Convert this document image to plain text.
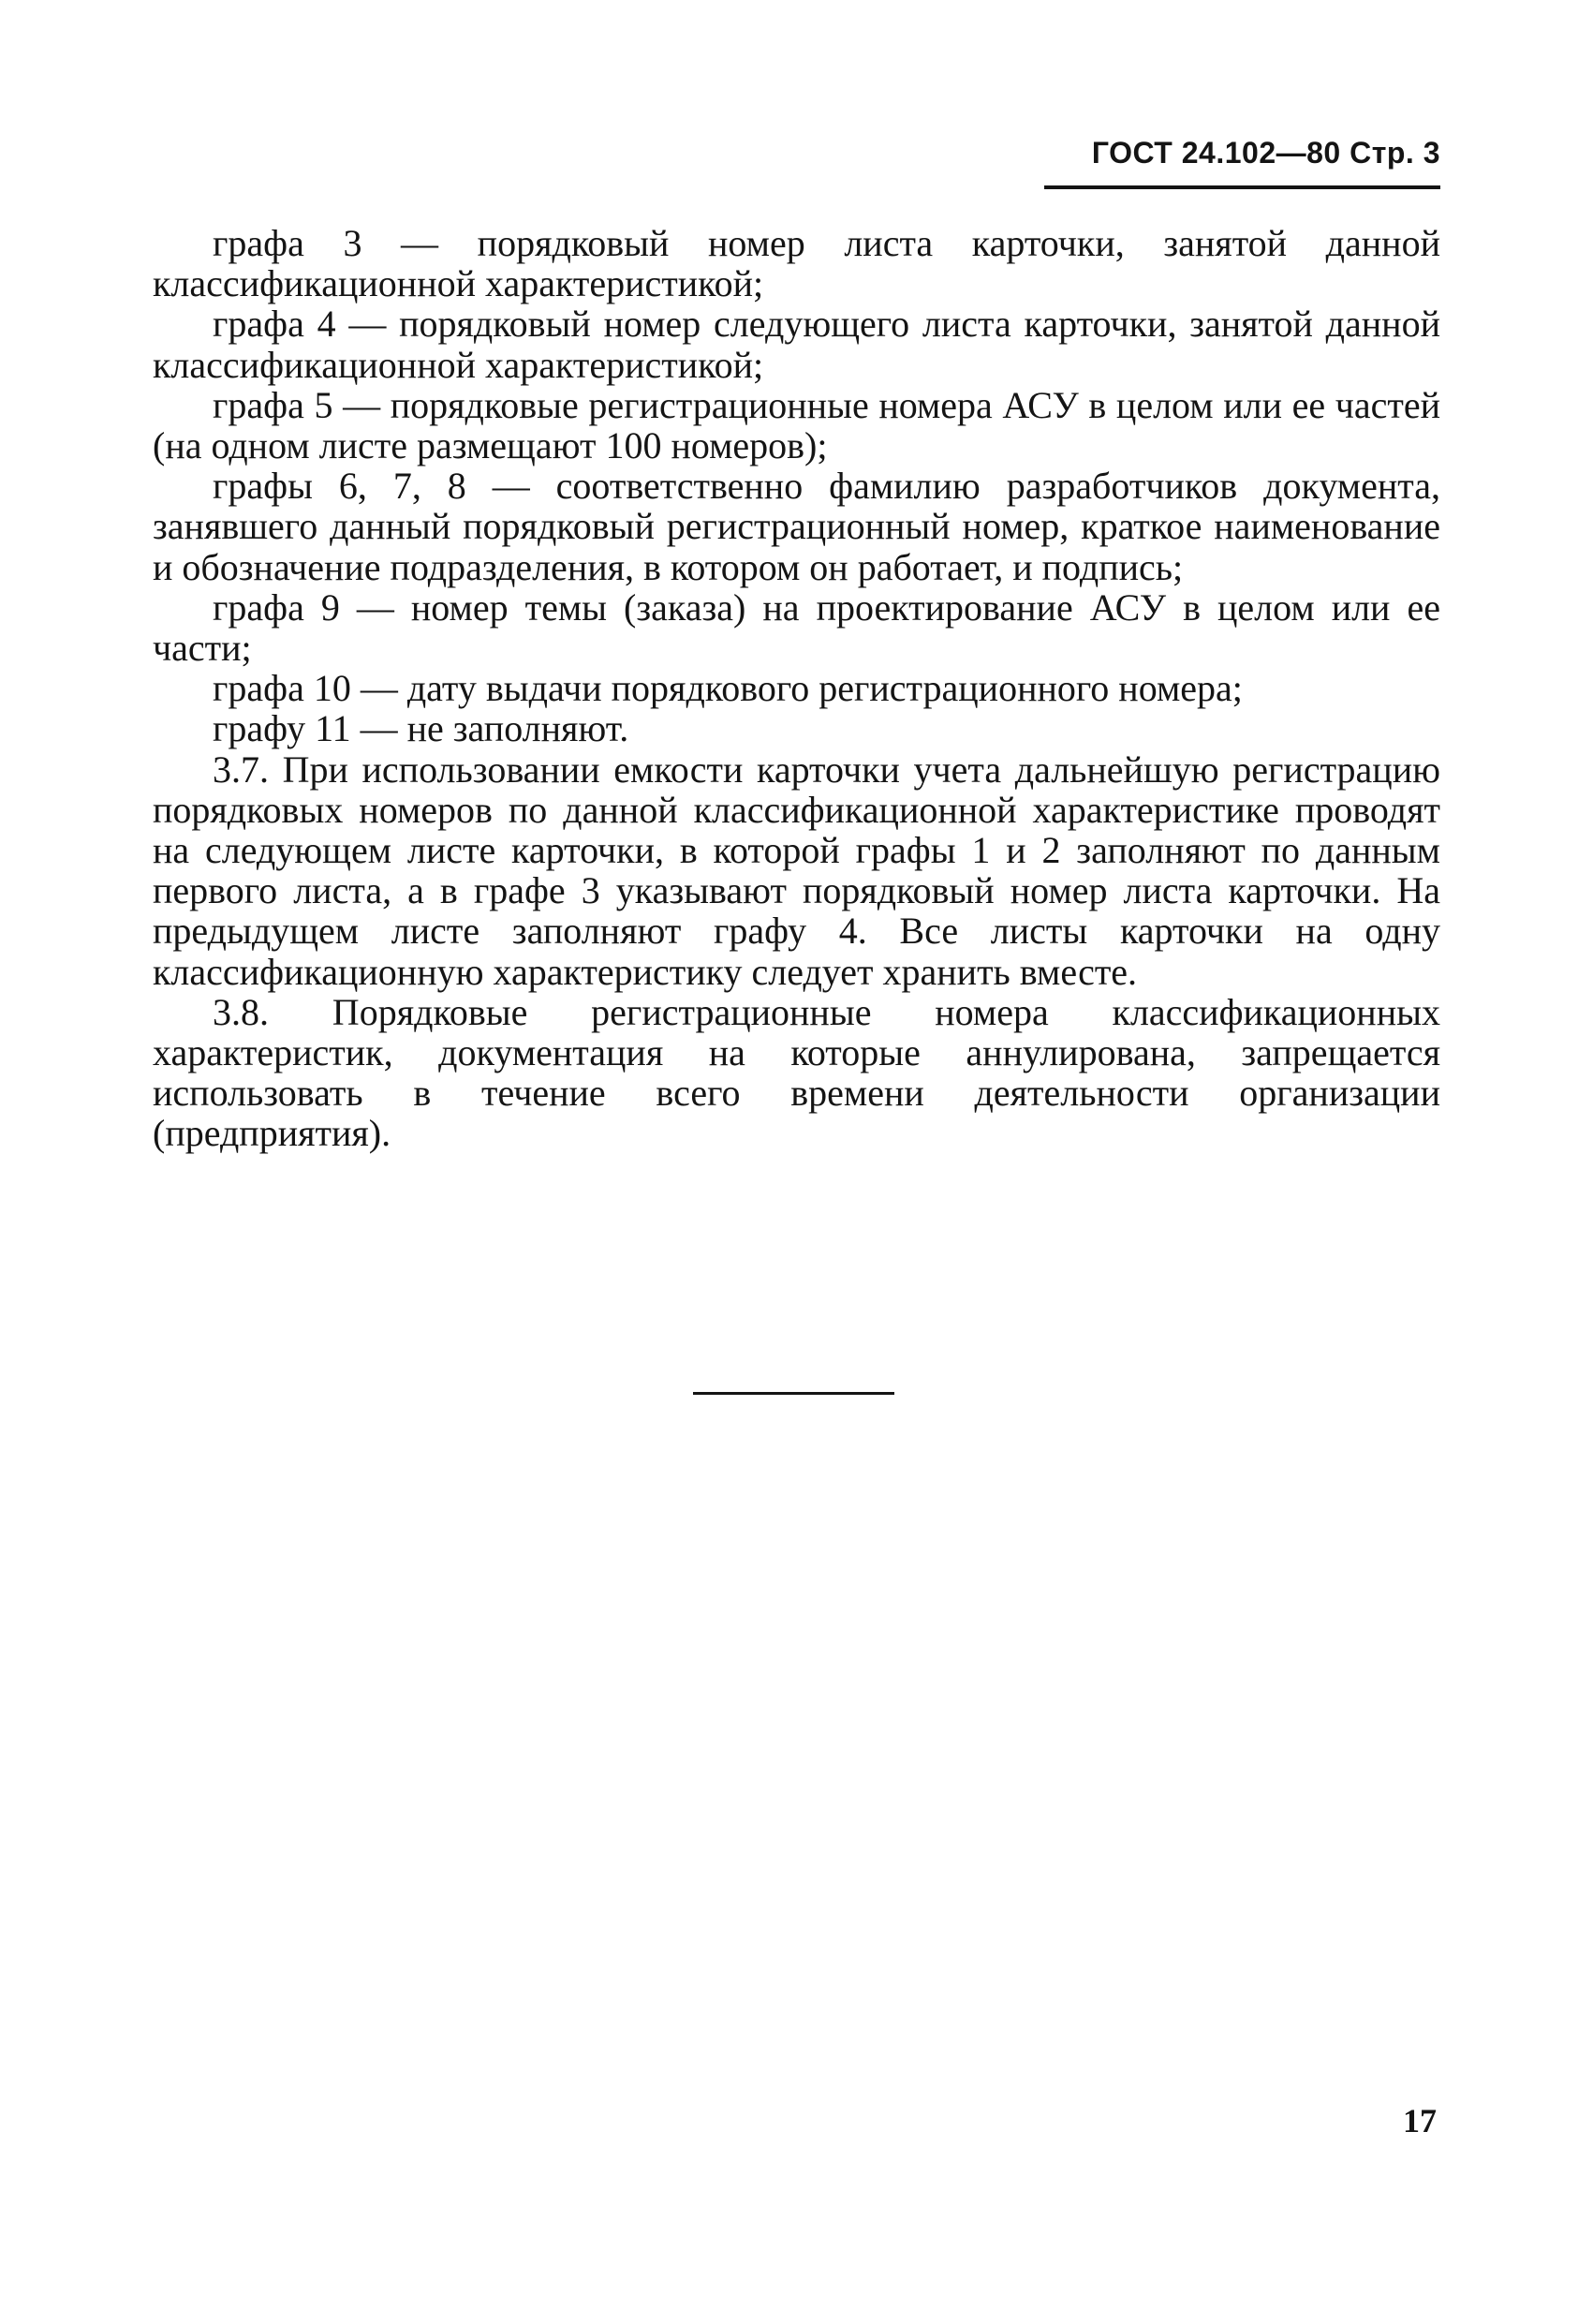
ГОСТ 24.102—80 Стр. 3

графа 3 — порядковый номер листа карточки, занятой данной классификационной характеристикой;

графа 4 — порядковый номер следующего листа карточки, занятой данной классификационной характеристикой;

графа 5 — порядковые регистрационные номера АСУ в целом или ее частей (на одном листе размещают 100 номеров);

графы 6, 7, 8 — соответственно фамилию разработчиков документа, занявшего данный порядковый регистрационный номер, краткое наименование и обозначение подразделения, в котором он работает, и подпись;

графа 9 — номер темы (заказа) на проектирование АСУ в целом или ее части;

графа 10 — дату выдачи порядкового регистрационного номера;

графу 11 — не заполняют.

3.7. При использовании емкости карточки учета дальнейшую регистрацию порядковых номеров по данной классификационной характеристике проводят на следующем листе карточки, в которой графы 1 и 2 заполняют по данным первого листа, а в графе 3 указывают порядковый номер листа карточки. На предыдущем листе заполняют графу 4. Все листы карточки на одну классификационную характеристику следует хранить вместе.

3.8. Порядковые регистрационные номера классификационных характеристик, документация на которые аннулирована, запрещается использовать в течение всего времени деятельности организации (предприятия).

17
